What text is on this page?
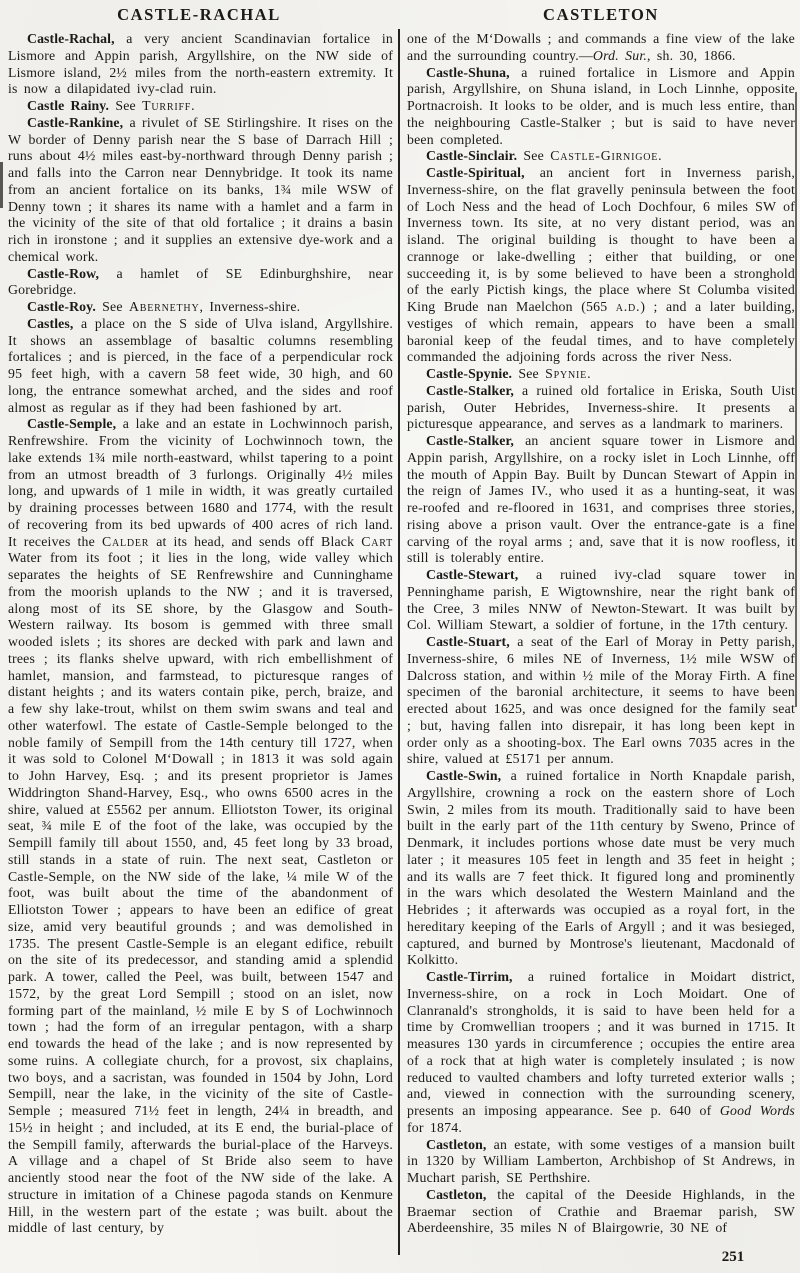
CASTLE-RACHAL	CASTLETON

Castle-Rachal, a very ancient Scandinavian fortalice in Lismore and Appin parish, Argyllshire, on the NW side of Lismore island, 2½ miles from the north-eastern extremity. It is now a dilapidated ivy-clad ruin.

Castle Rainy. See Turriff.

Castle-Rankine, a rivulet of SE Stirlingshire. It rises on the W border of Denny parish near the S base of Darrach Hill ; runs about 4½ miles east-by-northward through Denny parish ; and falls into the Carron near Dennybridge. It took its name from an ancient fortalice on its banks, 1¾ mile WSW of Denny town ; it shares its name with a hamlet and a farm in the vicinity of the site of that old fortalice ; it drains a basin rich in ironstone ; and it supplies an extensive dye-work and a chemical work.

Castle-Row, a hamlet of SE Edinburghshire, near Gorebridge.

Castle-Roy. See Abernethy, Inverness-shire.

Castles, a place on the S side of Ulva island, Argyllshire. It shows an assemblage of basaltic columns resembling fortalices ; and is pierced, in the face of a perpendicular rock 95 feet high, with a cavern 58 feet wide, 30 high, and 60 long, the entrance somewhat arched, and the sides and roof almost as regular as if they had been fashioned by art.

Castle-Semple, a lake and an estate in Lochwinnoch parish, Renfrewshire. From the vicinity of Lochwinnoch town, the lake extends 1¾ mile north-eastward, whilst tapering to a point from an utmost breadth of 3 furlongs. Originally 4½ miles long, and upwards of 1 mile in width, it was greatly curtailed by draining processes between 1680 and 1774, with the result of recovering from its bed upwards of 400 acres of rich land. It receives the Calder at its head, and sends off Black Cart Water from its foot ; it lies in the long, wide valley which separates the heights of SE Renfrewshire and Cunninghame from the moorish uplands to the NW ; and it is traversed, along most of its SE shore, by the Glasgow and South-Western railway. Its bosom is gemmed with three small wooded islets ; its shores are decked with park and lawn and trees ; its flanks shelve upward, with rich embellishment of hamlet, mansion, and farmstead, to picturesque ranges of distant heights ; and its waters contain pike, perch, braize, and a few shy lake-trout, whilst on them swim swans and teal and other waterfowl. The estate of Castle-Semple belonged to the noble family of Sempill from the 14th century till 1727, when it was sold to Colonel M‘Dowall ; in 1813 it was sold again to John Harvey, Esq. ; and its present proprietor is James Widdrington Shand-Harvey, Esq., who owns 6500 acres in the shire, valued at £5562 per annum. Elliotston Tower, its original seat, ¾ mile E of the foot of the lake, was occupied by the Sempill family till about 1550, and, 45 feet long by 33 broad, still stands in a state of ruin. The next seat, Castleton or Castle-Semple, on the NW side of the lake, ¼ mile W of the foot, was built about the time of the abandonment of Elliotston Tower ; appears to have been an edifice of great size, amid very beautiful grounds ; and was demolished in 1735. The present Castle-Semple is an elegant edifice, rebuilt on the site of its predecessor, and standing amid a splendid park. A tower, called the Peel, was built, between 1547 and 1572, by the great Lord Sempill ; stood on an islet, now forming part of the mainland, ½ mile E by S of Lochwinnoch town ; had the form of an irregular pentagon, with a sharp end towards the head of the lake ; and is now represented by some ruins. A collegiate church, for a provost, six chaplains, two boys, and a sacristan, was founded in 1504 by John, Lord Sempill, near the lake, in the vicinity of the site of Castle-Semple ; measured 71½ feet in length, 24¼ in breadth, and 15½ in height ; and included, at its E end, the burial-place of the Sempill family, afterwards the burial-place of the Harveys. A village and a chapel of St Bride also seem to have anciently stood near the foot of the NW side of the lake. A structure in imitation of a Chinese pagoda stands on Kenmure Hill, in the western part of the estate ; was built. about the middle of last century, by

one of the M‘Dowalls ; and commands a fine view of the lake and the surrounding country.—Ord. Sur., sh. 30, 1866.

Castle-Shuna, a ruined fortalice in Lismore and Appin parish, Argyllshire, on Shuna island, in Loch Linnhe, opposite Portnacroish. It looks to be older, and is much less entire, than the neighbouring Castle-Stalker ; but is said to have never been completed.

Castle-Sinclair. See Castle-Girnigoe.

Castle-Spiritual, an ancient fort in Inverness parish, Inverness-shire, on the flat gravelly peninsula between the foot of Loch Ness and the head of Loch Dochfour, 6 miles SW of Inverness town. Its site, at no very distant period, was an island. The original building is thought to have been a crannoge or lake-dwelling ; either that building, or one succeeding it, is by some believed to have been a stronghold of the early Pictish kings, the place where St Columba visited King Brude nan Maelchon (565 a.d.) ; and a later building, vestiges of which remain, appears to have been a small baronial keep of the feudal times, and to have completely commanded the adjoining fords across the river Ness.

Castle-Spynie. See Spynie.

Castle-Stalker, a ruined old fortalice in Eriska, South Uist parish, Outer Hebrides, Inverness-shire. It presents a picturesque appearance, and serves as a landmark to mariners.

Castle-Stalker, an ancient square tower in Lismore and Appin parish, Argyllshire, on a rocky islet in Loch Linnhe, off the mouth of Appin Bay. Built by Duncan Stewart of Appin in the reign of James IV., who used it as a hunting-seat, it was re-roofed and re-floored in 1631, and comprises three stories, rising above a prison vault. Over the entrance-gate is a fine carving of the royal arms ; and, save that it is now roofless, it still is tolerably entire.

Castle-Stewart, a ruined ivy-clad square tower in Penninghame parish, E Wigtownshire, near the right bank of the Cree, 3 miles NNW of Newton-Stewart. It was built by Col. William Stewart, a soldier of fortune, in the 17th century.

Castle-Stuart, a seat of the Earl of Moray in Petty parish, Inverness-shire, 6 miles NE of Inverness, 1½ mile WSW of Dalcross station, and within ½ mile of the Moray Firth. A fine specimen of the baronial architecture, it seems to have been erected about 1625, and was once designed for the family seat ; but, having fallen into disrepair, it has long been kept in order only as a shooting-box. The Earl owns 7035 acres in the shire, valued at £5171 per annum.

Castle-Swin, a ruined fortalice in North Knapdale parish, Argyllshire, crowning a rock on the eastern shore of Loch Swin, 2 miles from its mouth. Traditionally said to have been built in the early part of the 11th century by Sweno, Prince of Denmark, it includes portions whose date must be very much later ; it measures 105 feet in length and 35 feet in height ; and its walls are 7 feet thick. It figured long and prominently in the wars which desolated the Western Mainland and the Hebrides ; it afterwards was occupied as a royal fort, in the hereditary keeping of the Earls of Argyll ; and it was besieged, captured, and burned by Montrose's lieutenant, Macdonald of Kolkitto.

Castle-Tirrim, a ruined fortalice in Moidart district, Inverness-shire, on a rock in Loch Moidart. One of Clanranald's strongholds, it is said to have been held for a time by Cromwellian troopers ; and it was burned in 1715. It measures 130 yards in circumference ; occupies the entire area of a rock that at high water is completely insulated ; is now reduced to vaulted chambers and lofty turreted exterior walls ; and, viewed in connection with the surrounding scenery, presents an imposing appearance. See p. 640 of Good Words for 1874.

Castleton, an estate, with some vestiges of a mansion built in 1320 by William Lamberton, Archbishop of St Andrews, in Muchart parish, SE Perthshire.

Castleton, the capital of the Deeside Highlands, in the Braemar section of Crathie and Braemar parish, SW Aberdeenshire, 35 miles N of Blairgowrie, 30 NE of

251
